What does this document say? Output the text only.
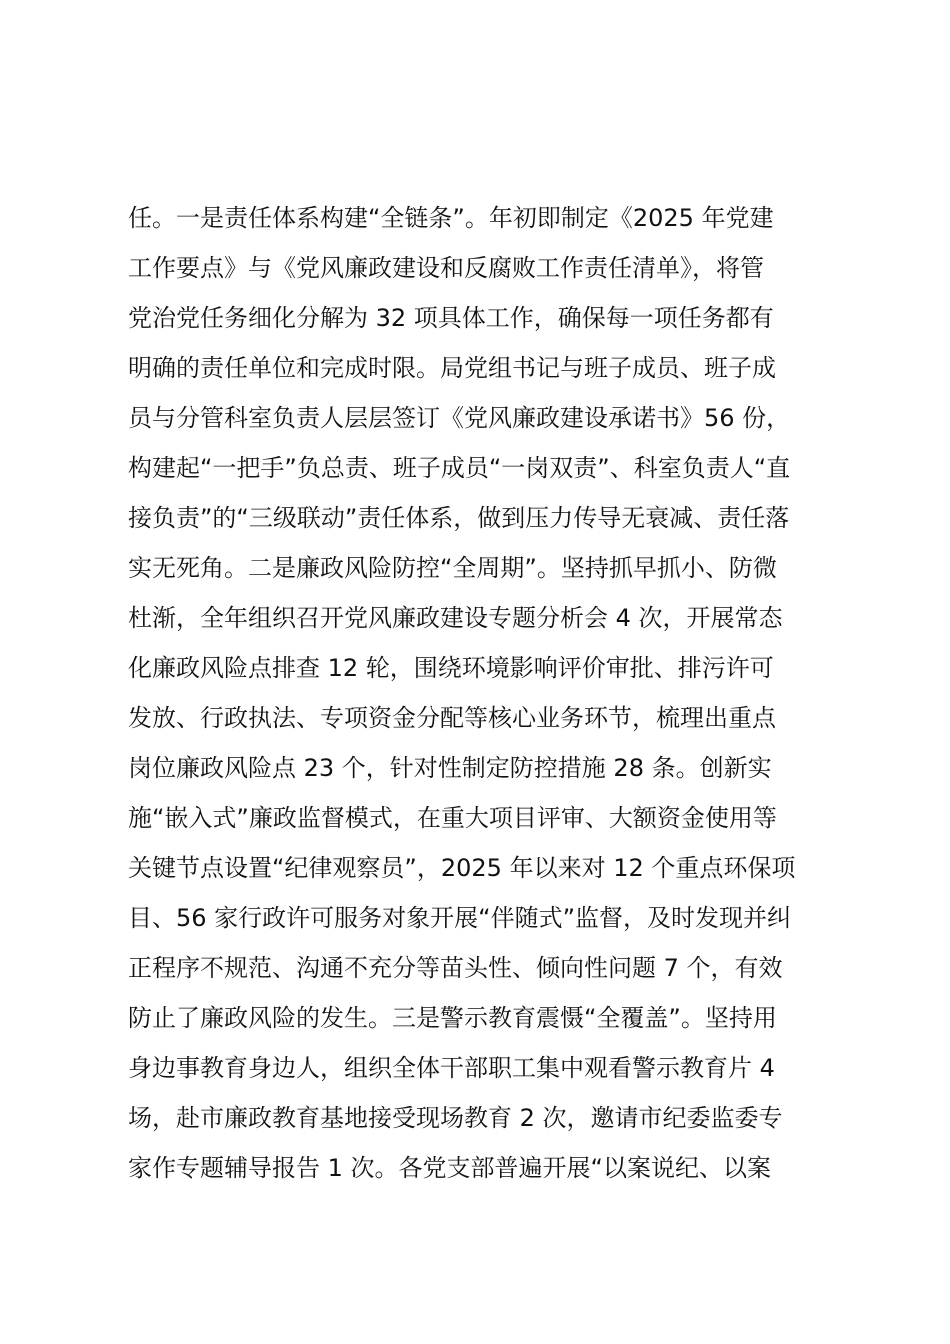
任。一是责任体系构建“全链条”。年初即制定《2025 年党建
工作要点》与《党风廉政建设和反腐败工作责任清单》，将管
党治党任务细化分解为 32 项具体工作，确保每一项任务都有
明确的责任单位和完成时限。局党组书记与班子成员、班子成
员与分管科室负责人层层签订《党风廉政建设承诺书》56 份，
构建起“一把手”负总责、班子成员“一岗双责”、科室负责人“直
接负责”的“三级联动”责任体系，做到压力传导无衰减、责任落
实无死角。二是廉政风险防控“全周期”。坚持抓早抓小、防微
杜渐，全年组织召开党风廉政建设专题分析会 4 次，开展常态
化廉政风险点排查 12 轮，围绕环境影响评价审批、排污许可
发放、行政执法、专项资金分配等核心业务环节，梳理出重点
岗位廉政风险点 23 个，针对性制定防控措施 28 条。创新实
施“嵌入式”廉政监督模式，在重大项目评审、大额资金使用等
关键节点设置“纪律观察员”，2025 年以来对 12 个重点环保项
目、56 家行政许可服务对象开展“伴随式”监督，及时发现并纠
正程序不规范、沟通不充分等苗头性、倾向性问题 7 个，有效
防止了廉政风险的发生。三是警示教育震慑“全覆盖”。坚持用
身边事教育身边人，组织全体干部职工集中观看警示教育片 4
场，赴市廉政教育基地接受现场教育 2 次，邀请市纪委监委专
家作专题辅导报告 1 次。各党支部普遍开展“以案说纪、以案
